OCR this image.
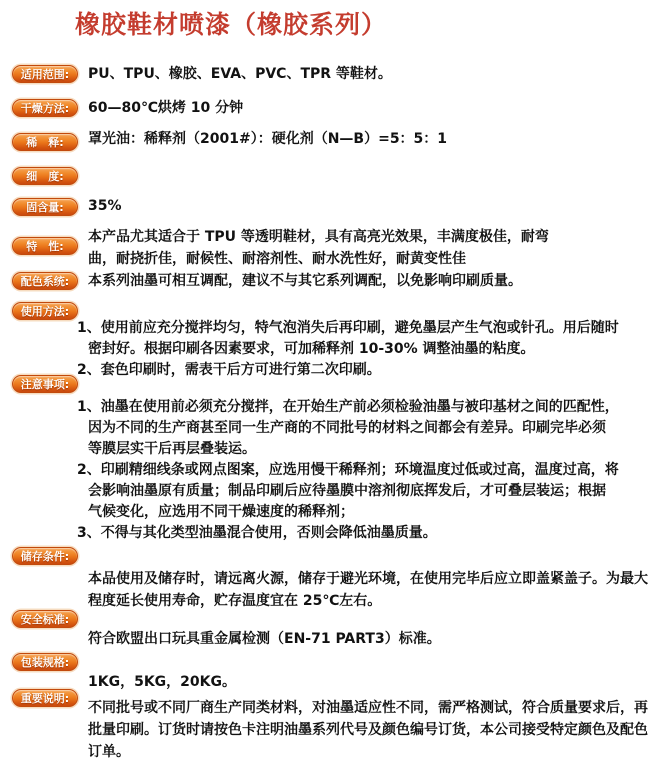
橡胶鞋材喷漆（橡胶系列）
适用范围:	PU、TPU、橡胶、EVA、PVC、TPR 等鞋材。
干燥方法:	60—80℃烘烤 10 分钟
稀　释:	罩光油：稀释剂（2001#）：硬化剂（N—B）=5：5：1
细　度:
固含量:	35%
特　性:
本产品尤其适合于 TPU 等透明鞋材，具有高亮光效果，丰满度极佳，耐弯
曲，耐挠折佳，耐候性、耐溶剂性、耐水洗性好，耐黄变性佳
配色系统:	本系列油墨可相互调配，建议不与其它系列调配，以免影响印刷质量。
使用方法:
1、使用前应充分搅拌均匀，特气泡消失后再印刷，避免墨层产生气泡或针孔。用后随时
密封好。根据印刷各因素要求，可加稀释剂 10-30% 调整油墨的粘度。
2、套色印刷时，需表干后方可进行第二次印刷。
注意事项:
1、油墨在使用前必须充分搅拌，在开始生产前必须检验油墨与被印基材之间的匹配性，
因为不同的生产商甚至同一生产商的不同批号的材料之间都会有差异。印刷完毕必须
等膜层实干后再层叠装运。
2、印刷精细线条或网点图案，应选用慢干稀释剂；环境温度过低或过高，温度过高，将
会影响油墨原有质量；制品印刷后应待墨膜中溶剂彻底挥发后，才可叠层装运；根据
气候变化，应选用不同干燥速度的稀释剂；
3、不得与其化类型油墨混合使用，否则会降低油墨质量。
储存条件:
本品使用及储存时，请远离火源，储存于避光环境，在使用完毕后应立即盖紧盖子。为最大
程度延长使用寿命，贮存温度宜在 25℃左右。
安全标准:
符合欧盟出口玩具重金属检测（EN-71 PART3）标准。
包装规格:
1KG，5KG，20KG。
重要说明:
不同批号或不同厂商生产同类材料，对油墨适应性不同，需严格测试，符合质量要求后，再
批量印刷。订货时请按色卡注明油墨系列代号及颜色编号订货，本公司接受特定颜色及配色
订单。
